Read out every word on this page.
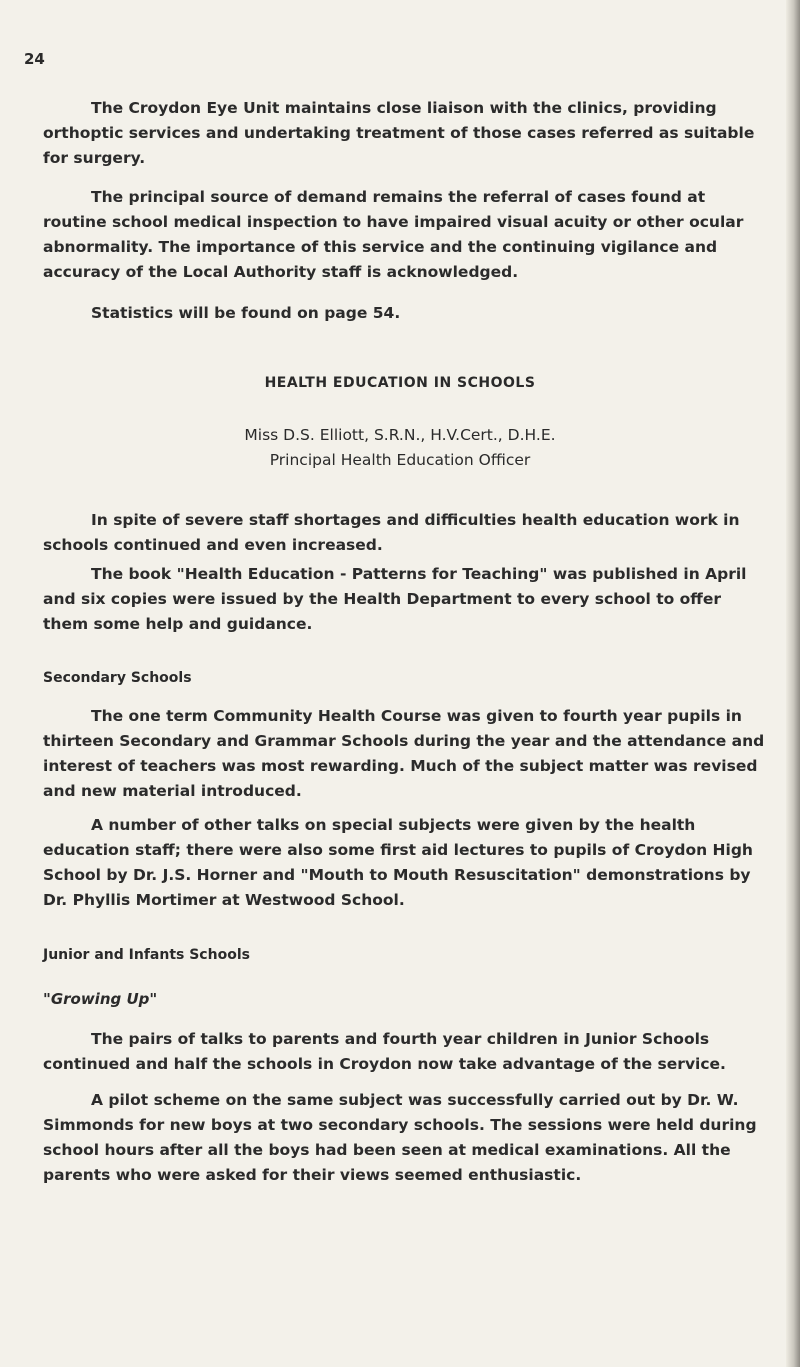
24

The Croydon Eye Unit maintains close liaison with the clinics, providing orthoptic services and undertaking treatment of those cases referred as suitable for surgery.

The principal source of demand remains the referral of cases found at routine school medical inspection to have impaired visual acuity or other ocular abnormality. The importance of this service and the continuing vigilance and accuracy of the Local Authority staff is acknowledged.

Statistics will be found on page 54.

HEALTH EDUCATION IN SCHOOLS
Miss D.S. Elliott, S.R.N., H.V.Cert., D.H.E.
Principal Health Education Officer

In spite of severe staff shortages and difficulties health education work in schools continued and even increased.

The book "Health Education - Patterns for Teaching" was published in April and six copies were issued by the Health Department to every school to offer them some help and guidance.

Secondary Schools

The one term Community Health Course was given to fourth year pupils in thirteen Secondary and Grammar Schools during the year and the attendance and interest of teachers was most rewarding. Much of the subject matter was revised and new material introduced.

A number of other talks on special subjects were given by the health education staff; there were also some first aid lectures to pupils of Croydon High School by Dr. J.S. Horner and "Mouth to Mouth Resuscitation" demonstrations by Dr. Phyllis Mortimer at Westwood School.

Junior and Infants Schools
"Growing Up"

The pairs of talks to parents and fourth year children in Junior Schools continued and half the schools in Croydon now take advantage of the service.

A pilot scheme on the same subject was successfully carried out by Dr. W. Simmonds for new boys at two secondary schools. The sessions were held during school hours after all the boys had been seen at medical examinations. All the parents who were asked for their views seemed enthusiastic.
